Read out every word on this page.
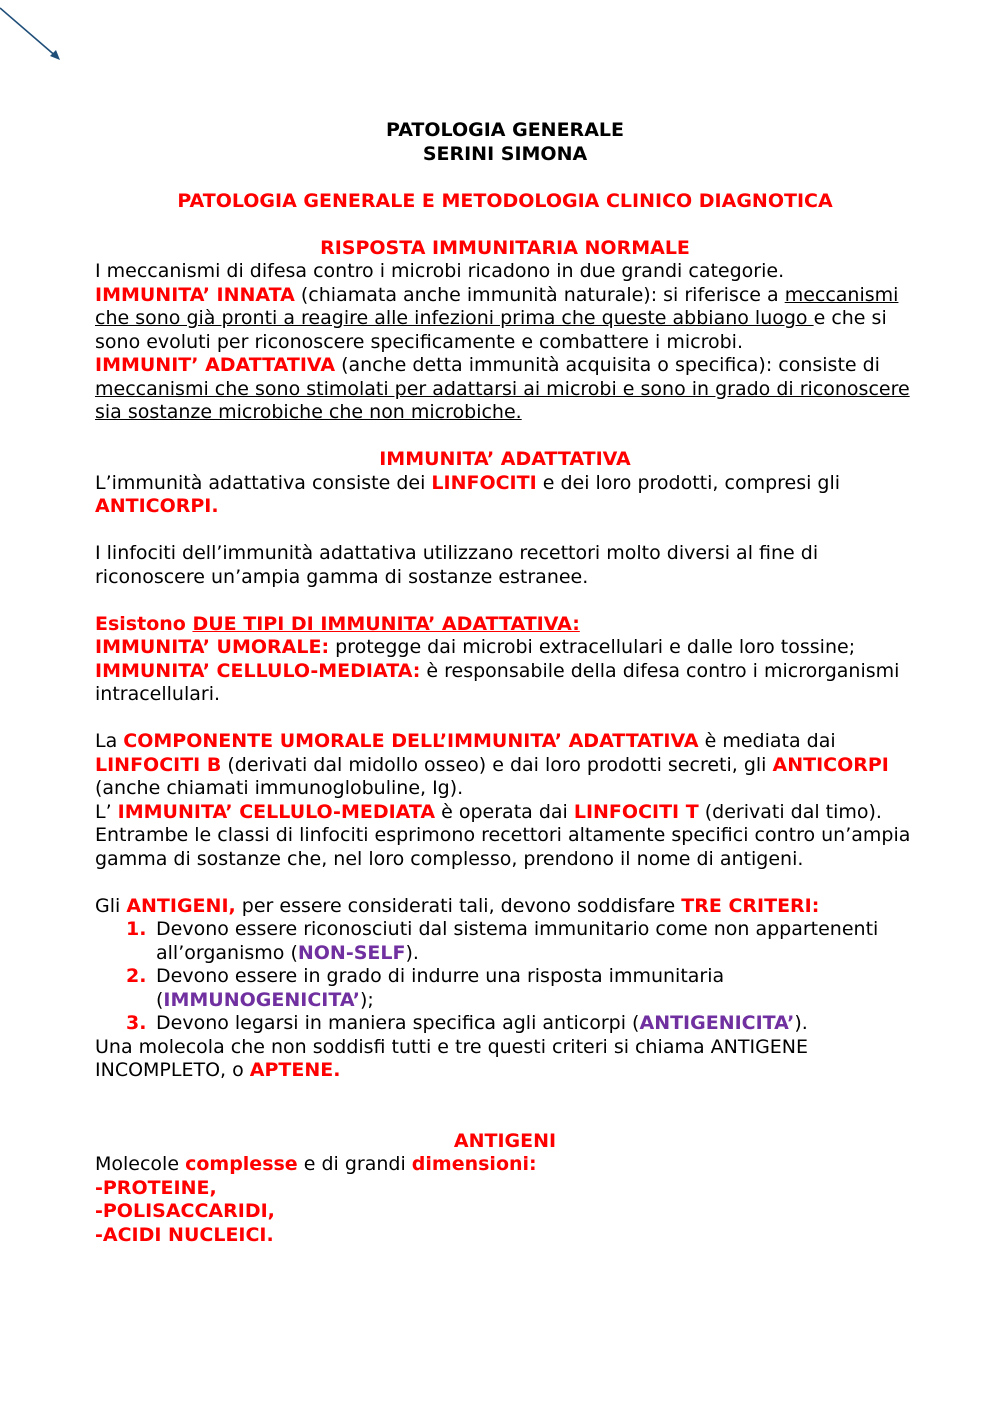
PATOLOGIA GENERALE

SERINI SIMONA

PATOLOGIA GENERALE E METODOLOGIA CLINICO DIAGNOTICA

RISPOSTA IMMUNITARIA NORMALE

I meccanismi di difesa contro i microbi ricadono in due grandi categorie.

IMMUNITA’ INNATA (chiamata anche immunità naturale): si riferisce a meccanismi che sono già pronti a reagire alle infezioni prima che queste abbiano luogo e che si sono evoluti per riconoscere specificamente e combattere i microbi.

IMMUNIT’ ADATTATIVA (anche detta immunità acquisita o specifica): consiste di meccanismi che sono stimolati per adattarsi ai microbi e sono in grado di riconoscere sia sostanze microbiche che non microbiche.

IMMUNITA’ ADATTATIVA

L’immunità adattativa consiste dei LINFOCITI e dei loro prodotti, compresi gli ANTICORPI.

I linfociti dell’immunità adattativa utilizzano recettori molto diversi al fine di riconoscere un’ampia gamma di sostanze estranee.

Esistono DUE TIPI DI IMMUNITA’ ADATTATIVA:

IMMUNITA’ UMORALE: protegge dai microbi extracellulari e dalle loro tossine;

IMMUNITA’ CELLULO-MEDIATA: è responsabile della difesa contro i microrganismi intracellulari.

La COMPONENTE UMORALE DELL’IMMUNITA’ ADATTATIVA è mediata dai LINFOCITI B (derivati dal midollo osseo) e dai loro prodotti secreti, gli ANTICORPI (anche chiamati immunoglobuline, Ig).

L’ IMMUNITA’ CELLULO-MEDIATA è operata dai LINFOCITI T (derivati dal timo).

Entrambe le classi di linfociti esprimono recettori altamente specifici contro un’ampia gamma di sostanze che, nel loro complesso, prendono il nome di antigeni.

Gli ANTIGENI, per essere considerati tali, devono soddisfare TRE CRITERI:

1. Devono essere riconosciuti dal sistema immunitario come non appartenenti all’organismo (NON-SELF).
2. Devono essere in grado di indurre una risposta immunitaria (IMMUNOGENICITA’);
3. Devono legarsi in maniera specifica agli anticorpi (ANTIGENICITA’).

Una molecola che non soddisfi tutti e tre questi criteri si chiama ANTIGENE INCOMPLETO, o APTENE.

ANTIGENI

Molecole complesse e di grandi dimensioni:

-PROTEINE,

-POLISACCARIDI,

-ACIDI NUCLEICI.
